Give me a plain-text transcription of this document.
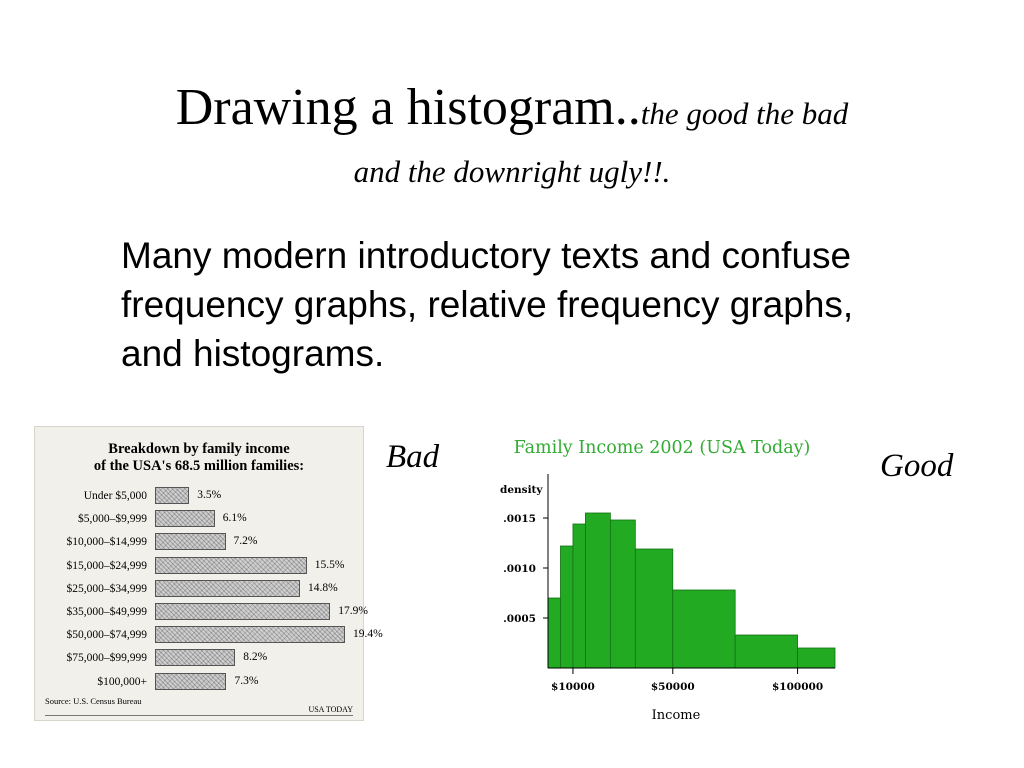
Drawing a histogram..the good the bad
and the downright ugly!!.
Many modern introductory texts and confuse frequency graphs, relative frequency graphs, and histograms.
Bad	Good
Breakdown by family income
of the USA's 68.5 million families:
Under $5,000	3.5%
$5,000–$9,999	6.1%
$10,000–$14,999	7.2%
$15,000–$24,999	15.5%
$25,000–$34,999	14.8%
$35,000–$49,999	17.9%
$50,000–$74,999	19.4%
$75,000–$99,999	8.2%
$100,000+	7.3%
Source: U.S. Census Bureau
USA TODAY
Family Income 2002 (USA Today)
density
.0005
.0010
.0015
$10000	$50000	$100000
Income
